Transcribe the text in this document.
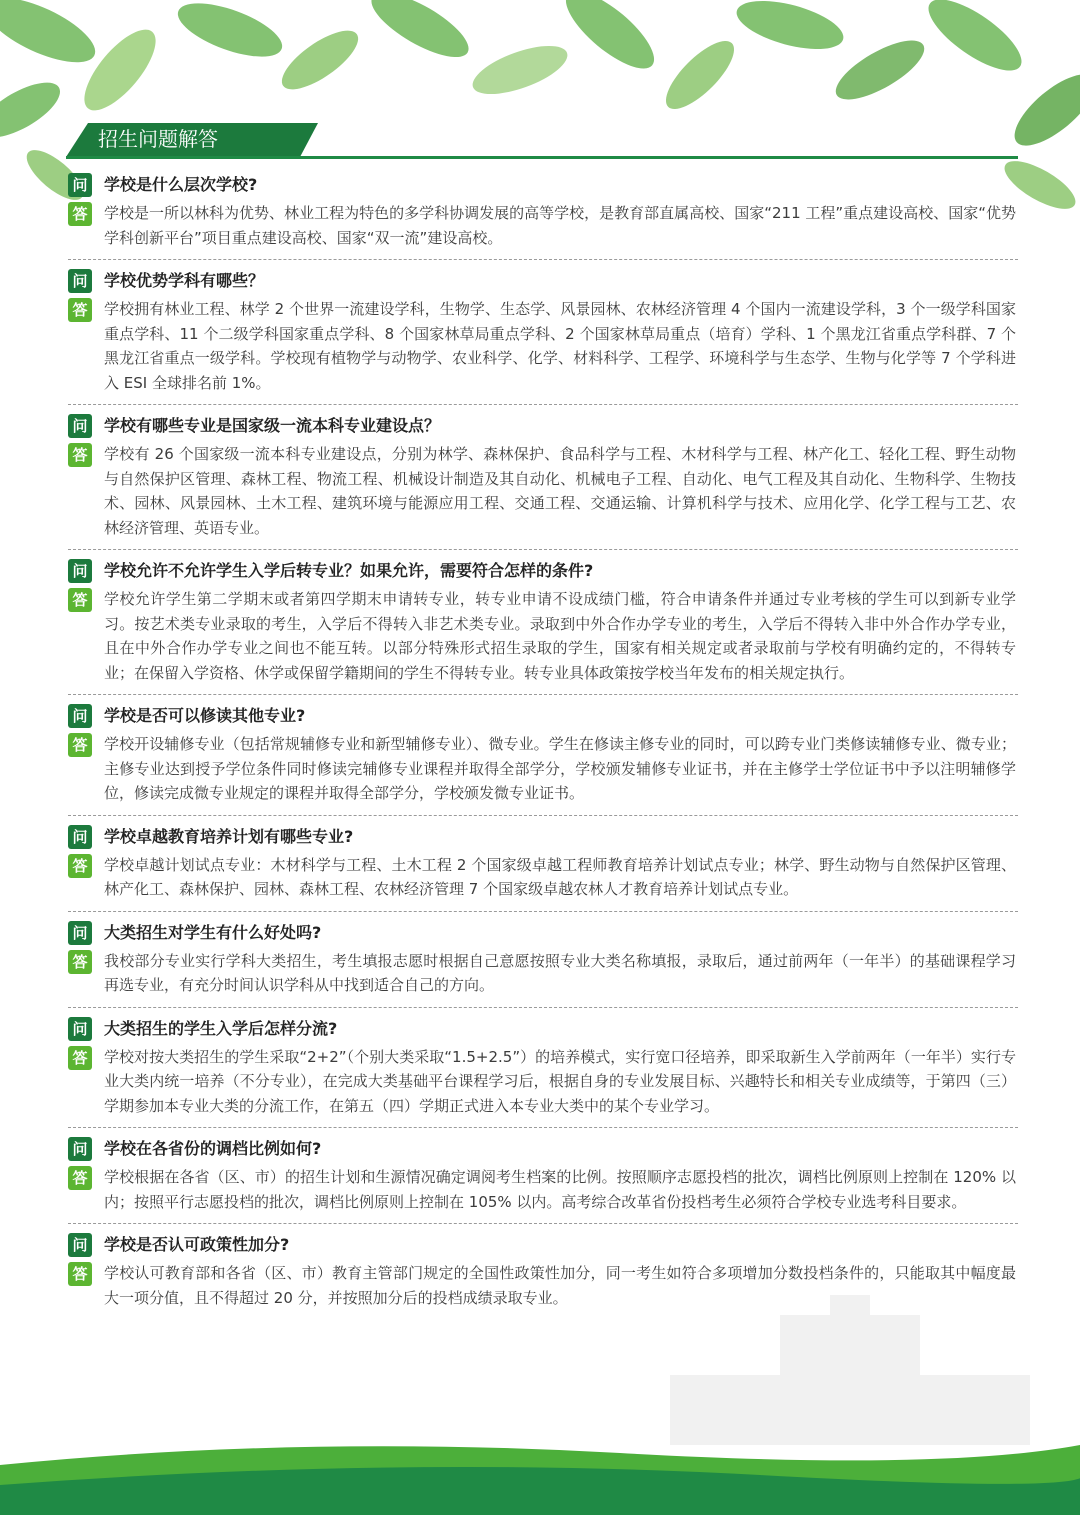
招生问题解答
问 学校是什么层次学校?
答	学校是一所以林科为优势、林业工程为特色的多学科协调发展的高等学校，是教育部直属高校、国家“211 工程”重点建设高校、国家“优势学科创新平台”项目重点建设高校、国家“双一流”建设高校。
问 学校优势学科有哪些？
答	学校拥有林业工程、林学 2 个世界一流建设学科，生物学、生态学、风景园林、农林经济管理 4 个国内一流建设学科，3 个一级学科国家重点学科、11 个二级学科国家重点学科、8 个国家林草局重点学科、2 个国家林草局重点（培育）学科、1 个黑龙江省重点学科群、7 个黑龙江省重点一级学科。学校现有植物学与动物学、农业科学、化学、材料科学、工程学、环境科学与生态学、生物与化学等 7 个学科进入 ESI 全球排名前 1%。
问 学校有哪些专业是国家级一流本科专业建设点？
答	学校有 26 个国家级一流本科专业建设点，分别为林学、森林保护、食品科学与工程、木材科学与工程、林产化工、轻化工程、野生动物与自然保护区管理、森林工程、物流工程、机械设计制造及其自动化、机械电子工程、自动化、电气工程及其自动化、生物科学、生物技术、园林、风景园林、土木工程、建筑环境与能源应用工程、交通工程、交通运输、计算机科学与技术、应用化学、化学工程与工艺、农林经济管理、英语专业。
问 学校允许不允许学生入学后转专业？如果允许，需要符合怎样的条件?
答	学校允许学生第二学期末或者第四学期末申请转专业，转专业申请不设成绩门槛，符合申请条件并通过专业考核的学生可以到新专业学习。按艺术类专业录取的考生，入学后不得转入非艺术类专业。录取到中外合作办学专业的考生，入学后不得转入非中外合作办学专业，且在中外合作办学专业之间也不能互转。以部分特殊形式招生录取的学生，国家有相关规定或者录取前与学校有明确约定的，不得转专业；在保留入学资格、休学或保留学籍期间的学生不得转专业。转专业具体政策按学校当年发布的相关规定执行。
问 学校是否可以修读其他专业?
答	学校开设辅修专业（包括常规辅修专业和新型辅修专业）、微专业。学生在修读主修专业的同时，可以跨专业门类修读辅修专业、微专业；主修专业达到授予学位条件同时修读完辅修专业课程并取得全部学分，学校颁发辅修专业证书，并在主修学士学位证书中予以注明辅修学位，修读完成微专业规定的课程并取得全部学分，学校颁发微专业证书。
问 学校卓越教育培养计划有哪些专业?
答	学校卓越计划试点专业：木材科学与工程、土木工程 2 个国家级卓越工程师教育培养计划试点专业；林学、野生动物与自然保护区管理、林产化工、森林保护、园林、森林工程、农林经济管理 7 个国家级卓越农林人才教育培养计划试点专业。
问 大类招生对学生有什么好处吗?
答	我校部分专业实行学科大类招生，考生填报志愿时根据自己意愿按照专业大类名称填报，录取后，通过前两年（一年半）的基础课程学习再选专业，有充分时间认识学科从中找到适合自己的方向。
问 大类招生的学生入学后怎样分流?
答	学校对按大类招生的学生采取“2+2”（个别大类采取“1.5+2.5”）的培养模式，实行宽口径培养，即采取新生入学前两年（一年半）实行专业大类内统一培养（不分专业），在完成大类基础平台课程学习后，根据自身的专业发展目标、兴趣特长和相关专业成绩等，于第四（三）学期参加本专业大类的分流工作，在第五（四）学期正式进入本专业大类中的某个专业学习。
问 学校在各省份的调档比例如何?
答	学校根据在各省（区、市）的招生计划和生源情况确定调阅考生档案的比例。按照顺序志愿投档的批次，调档比例原则上控制在 120% 以内；按照平行志愿投档的批次，调档比例原则上控制在 105% 以内。高考综合改革省份投档考生必须符合学校专业选考科目要求。
问 学校是否认可政策性加分?
答	学校认可教育部和各省（区、市）教育主管部门规定的全国性政策性加分，同一考生如符合多项增加分数投档条件的，只能取其中幅度最大一项分值，且不得超过 20 分，并按照加分后的投档成绩录取专业。
